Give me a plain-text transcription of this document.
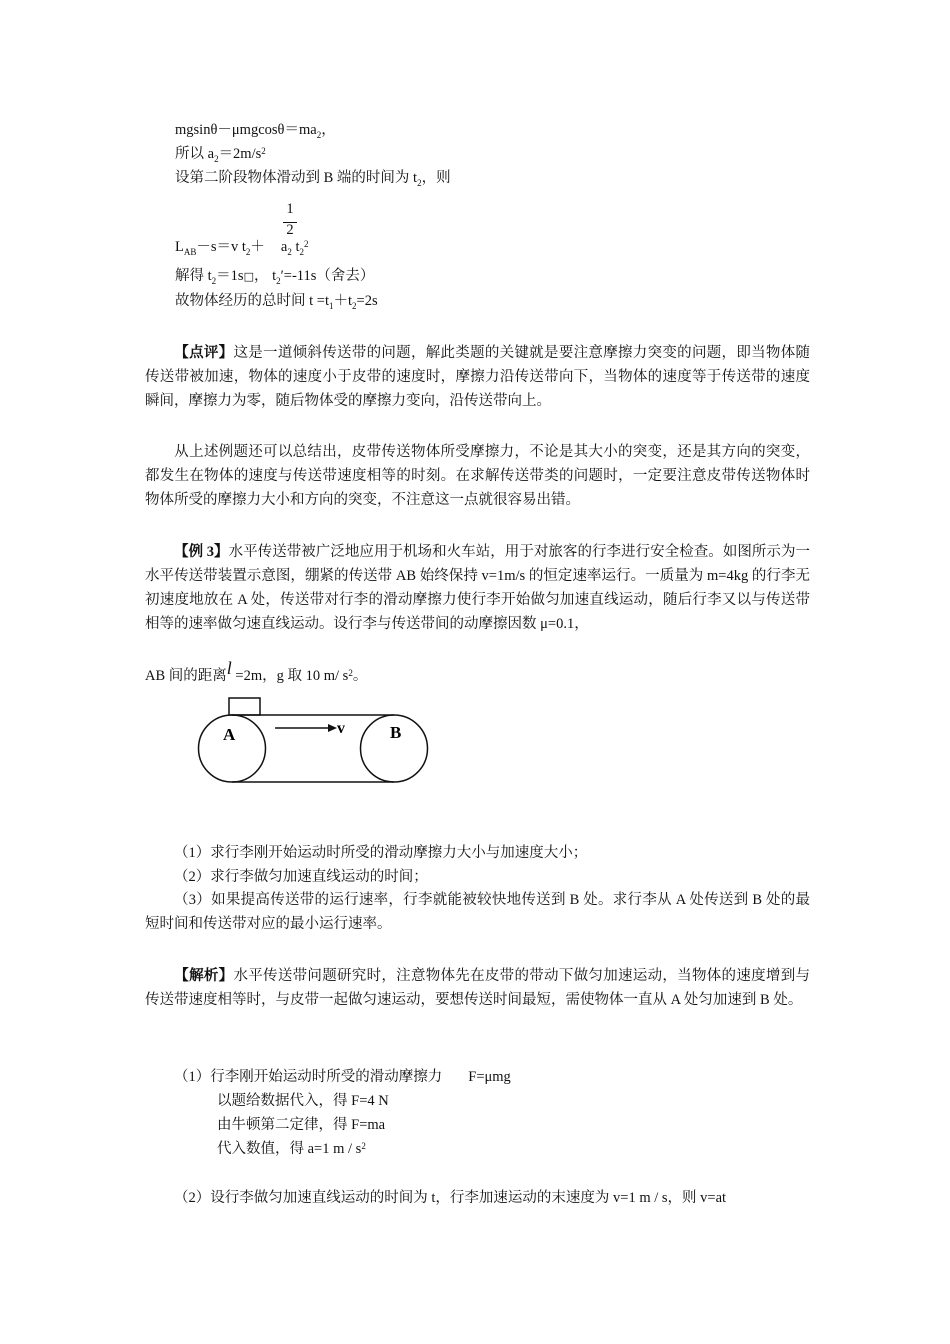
$mgsin\theta-\mu mgcos\theta=ma_2$，
所以 $a_2=2m/s^2$
设第二阶段物体滑动到 B 端的时间为 $t_2$，则
1
2
$L_{AB}-s=v$ $t_2+ a_2$ $t_2^2$
解得 $t_2=1s□$， $t_2'=-11s$（舍去）
故物体经历的总时间 $t =t_1+t_2=2s$
【点评】这是一道倾斜传送带的问题，解此类题的关键就是要注意摩擦力突变的问题，即当物体随传送带被加速，物体的速度小于皮带的速度时，摩擦力沿传送带向下，当物体的速度等于传送带的速度瞬间，摩擦力为零，随后物体受的摩擦力变向，沿传送带向上。
从上述例题还可以总结出，皮带传送物体所受摩擦力，不论是其大小的突变，还是其方向的突变，都发生在物体的速度与传送带速度相等的时刻。在求解传送带类的问题时，一定要注意皮带传送物体时物体所受的摩擦力大小和方向的突变，不注意这一点就很容易出错。
【例 3】水平传送带被广泛地应用于机场和火车站，用于对旅客的行李进行安全检查。如图所示为一水平传送带装置示意图，绷紧的传送带 AB 始终保持 v=1m/s 的恒定速率运行。一质量为 m=4kg 的行李无初速度地放在 A 处，传送带对行李的滑动摩擦力使行李开始做匀加速直线运动，随后行李又以与传送带相等的速率做匀速直线运动。设行李与传送带间的动摩擦因数 μ=0.1，
AB 间的距离l =2m，g 取 10 m/ $s^2$。
A	B
v
（1）求行李刚开始运动时所受的滑动摩擦力大小与加速度大小；
（2）求行李做匀加速直线运动的时间；
（3）如果提高传送带的运行速率，行李就能被较快地传送到 B 处。求行李从 A 处传送到 B 处的最短时间和传送带对应的最小运行速率。
【解析】水平传送带问题研究时，注意物体先在皮带的带动下做匀加速运动，当物体的速度增到与传送带速度相等时，与皮带一起做匀速运动，要想传送时间最短，需使物体一直从 A 处匀加速到 B 处。
（1）行李刚开始运动时所受的滑动摩擦力 F=μmg
以题给数据代入，得 F=4 N
由牛顿第二定律，得 F=ma
代入数值，得 a=1 m / $s^2$
（2）设行李做匀加速直线运动的时间为 t，行李加速运动的末速度为 v=1 m / s，则 v=at
